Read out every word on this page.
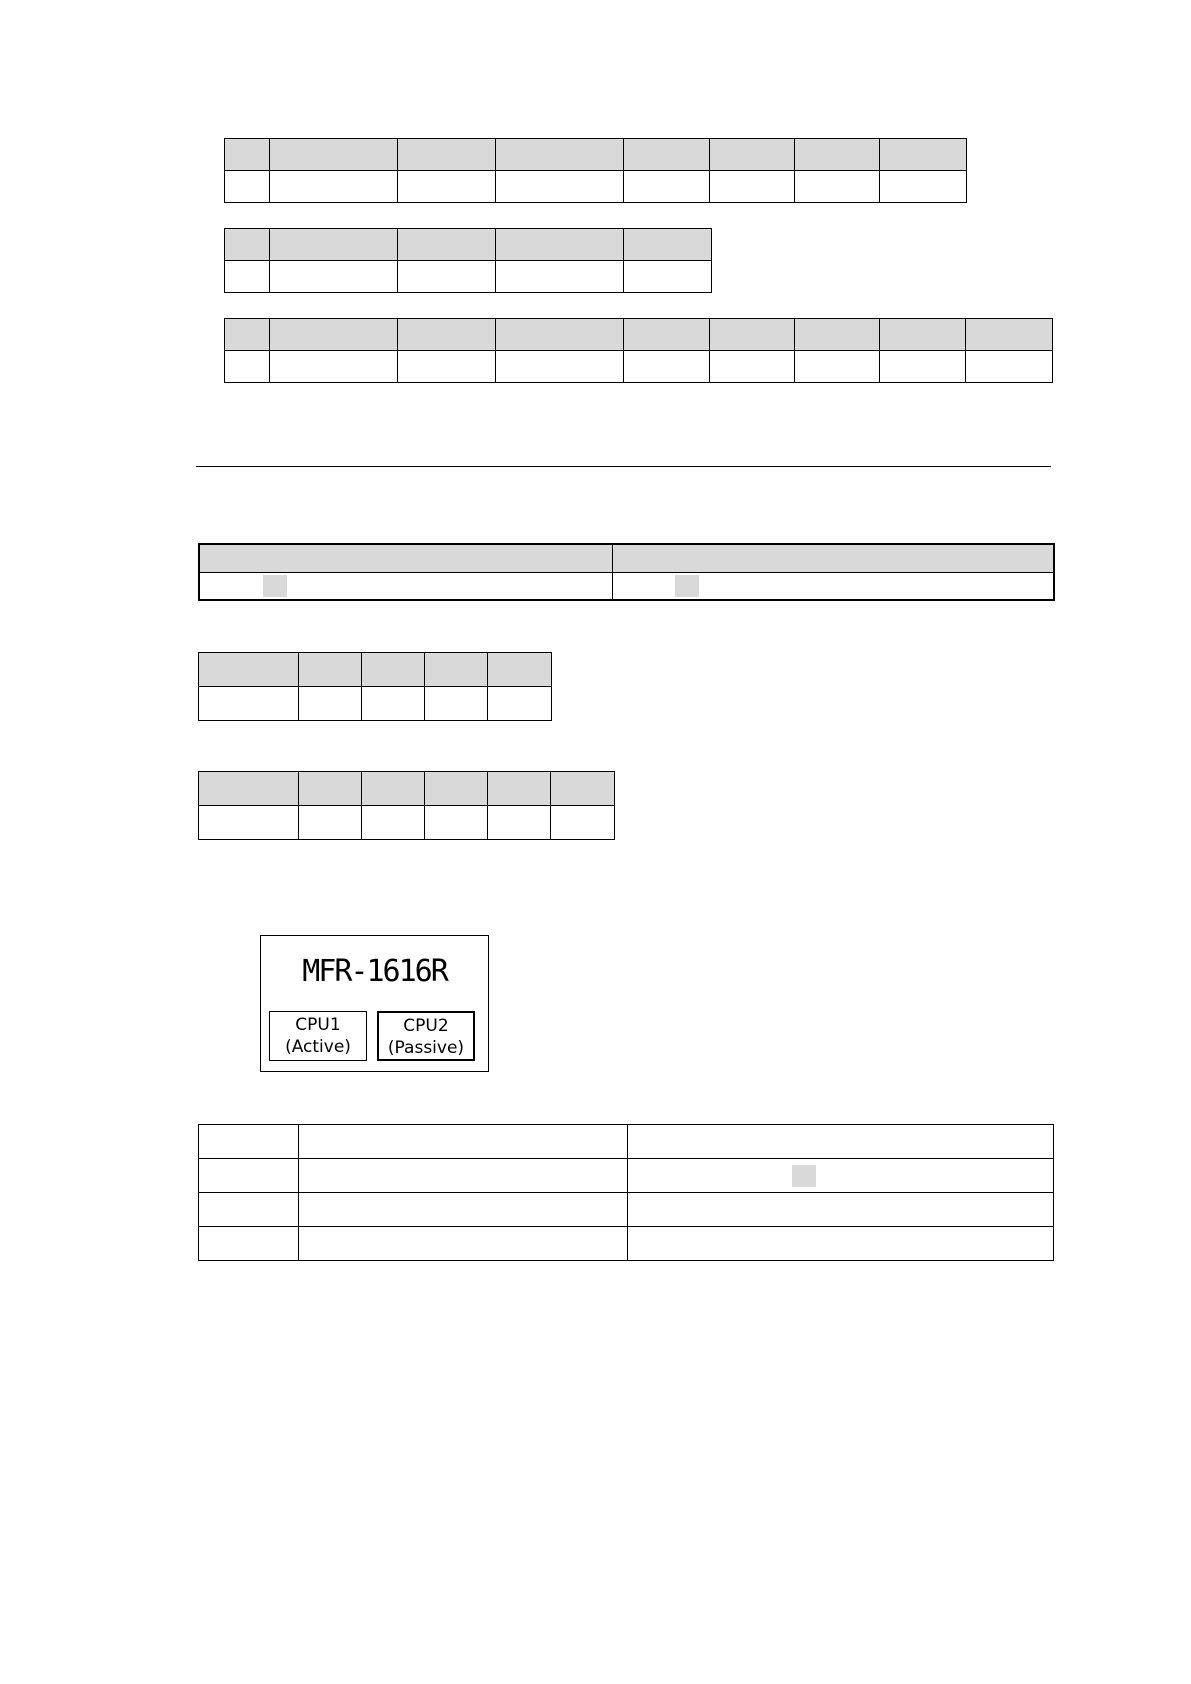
MFR-1616R
CPU1
(Active)
CPU2
(Passive)
